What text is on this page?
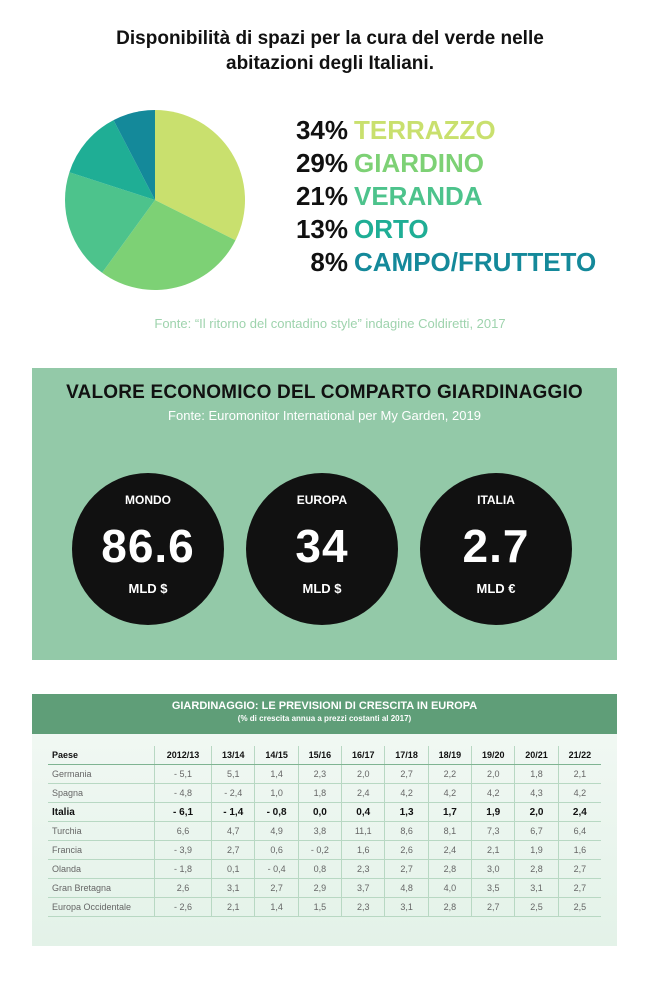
Disponibilità di spazi per la cura del verde nelle
abitazioni degli Italiani.
34% TERRAZZO
29% GIARDINO
21% VERANDA
13% ORTO
8% CAMPO/FRUTTETO
Fonte: “Il ritorno del contadino style” indagine Coldiretti, 2017
VALORE ECONOMICO DEL COMPARTO GIARDINAGGIO
Fonte: Euromonitor International per My Garden, 2019
MONDO
86.6
MLD $
EUROPA
34
MLD $
ITALIA
2.7
MLD €
GIARDINAGGIO: LE PREVISIONI DI CRESCITA IN EUROPA
(% di crescita annua a prezzi costanti al 2017)
Paese	2012/13	13/14	14/15	15/16	16/17	17/18	18/19	19/20	20/21	21/22
Germania	- 5,1	5,1	1,4	2,3	2,0	2,7	2,2	2,0	1,8	2,1
Spagna	- 4,8	- 2,4	1,0	1,8	2,4	4,2	4,2	4,2	4,3	4,2
Italia	- 6,1	- 1,4	- 0,8	0,0	0,4	1,3	1,7	1,9	2,0	2,4
Turchia	6,6	4,7	4,9	3,8	11,1	8,6	8,1	7,3	6,7	6,4
Francia	- 3,9	2,7	0,6	- 0,2	1,6	2,6	2,4	2,1	1,9	1,6
Olanda	- 1,8	0,1	- 0,4	0,8	2,3	2,7	2,8	3,0	2,8	2,7
Gran Bretagna	2,6	3,1	2,7	2,9	3,7	4,8	4,0	3,5	3,1	2,7
Europa Occidentale	- 2,6	2,1	1,4	1,5	2,3	3,1	2,8	2,7	2,5	2,5
